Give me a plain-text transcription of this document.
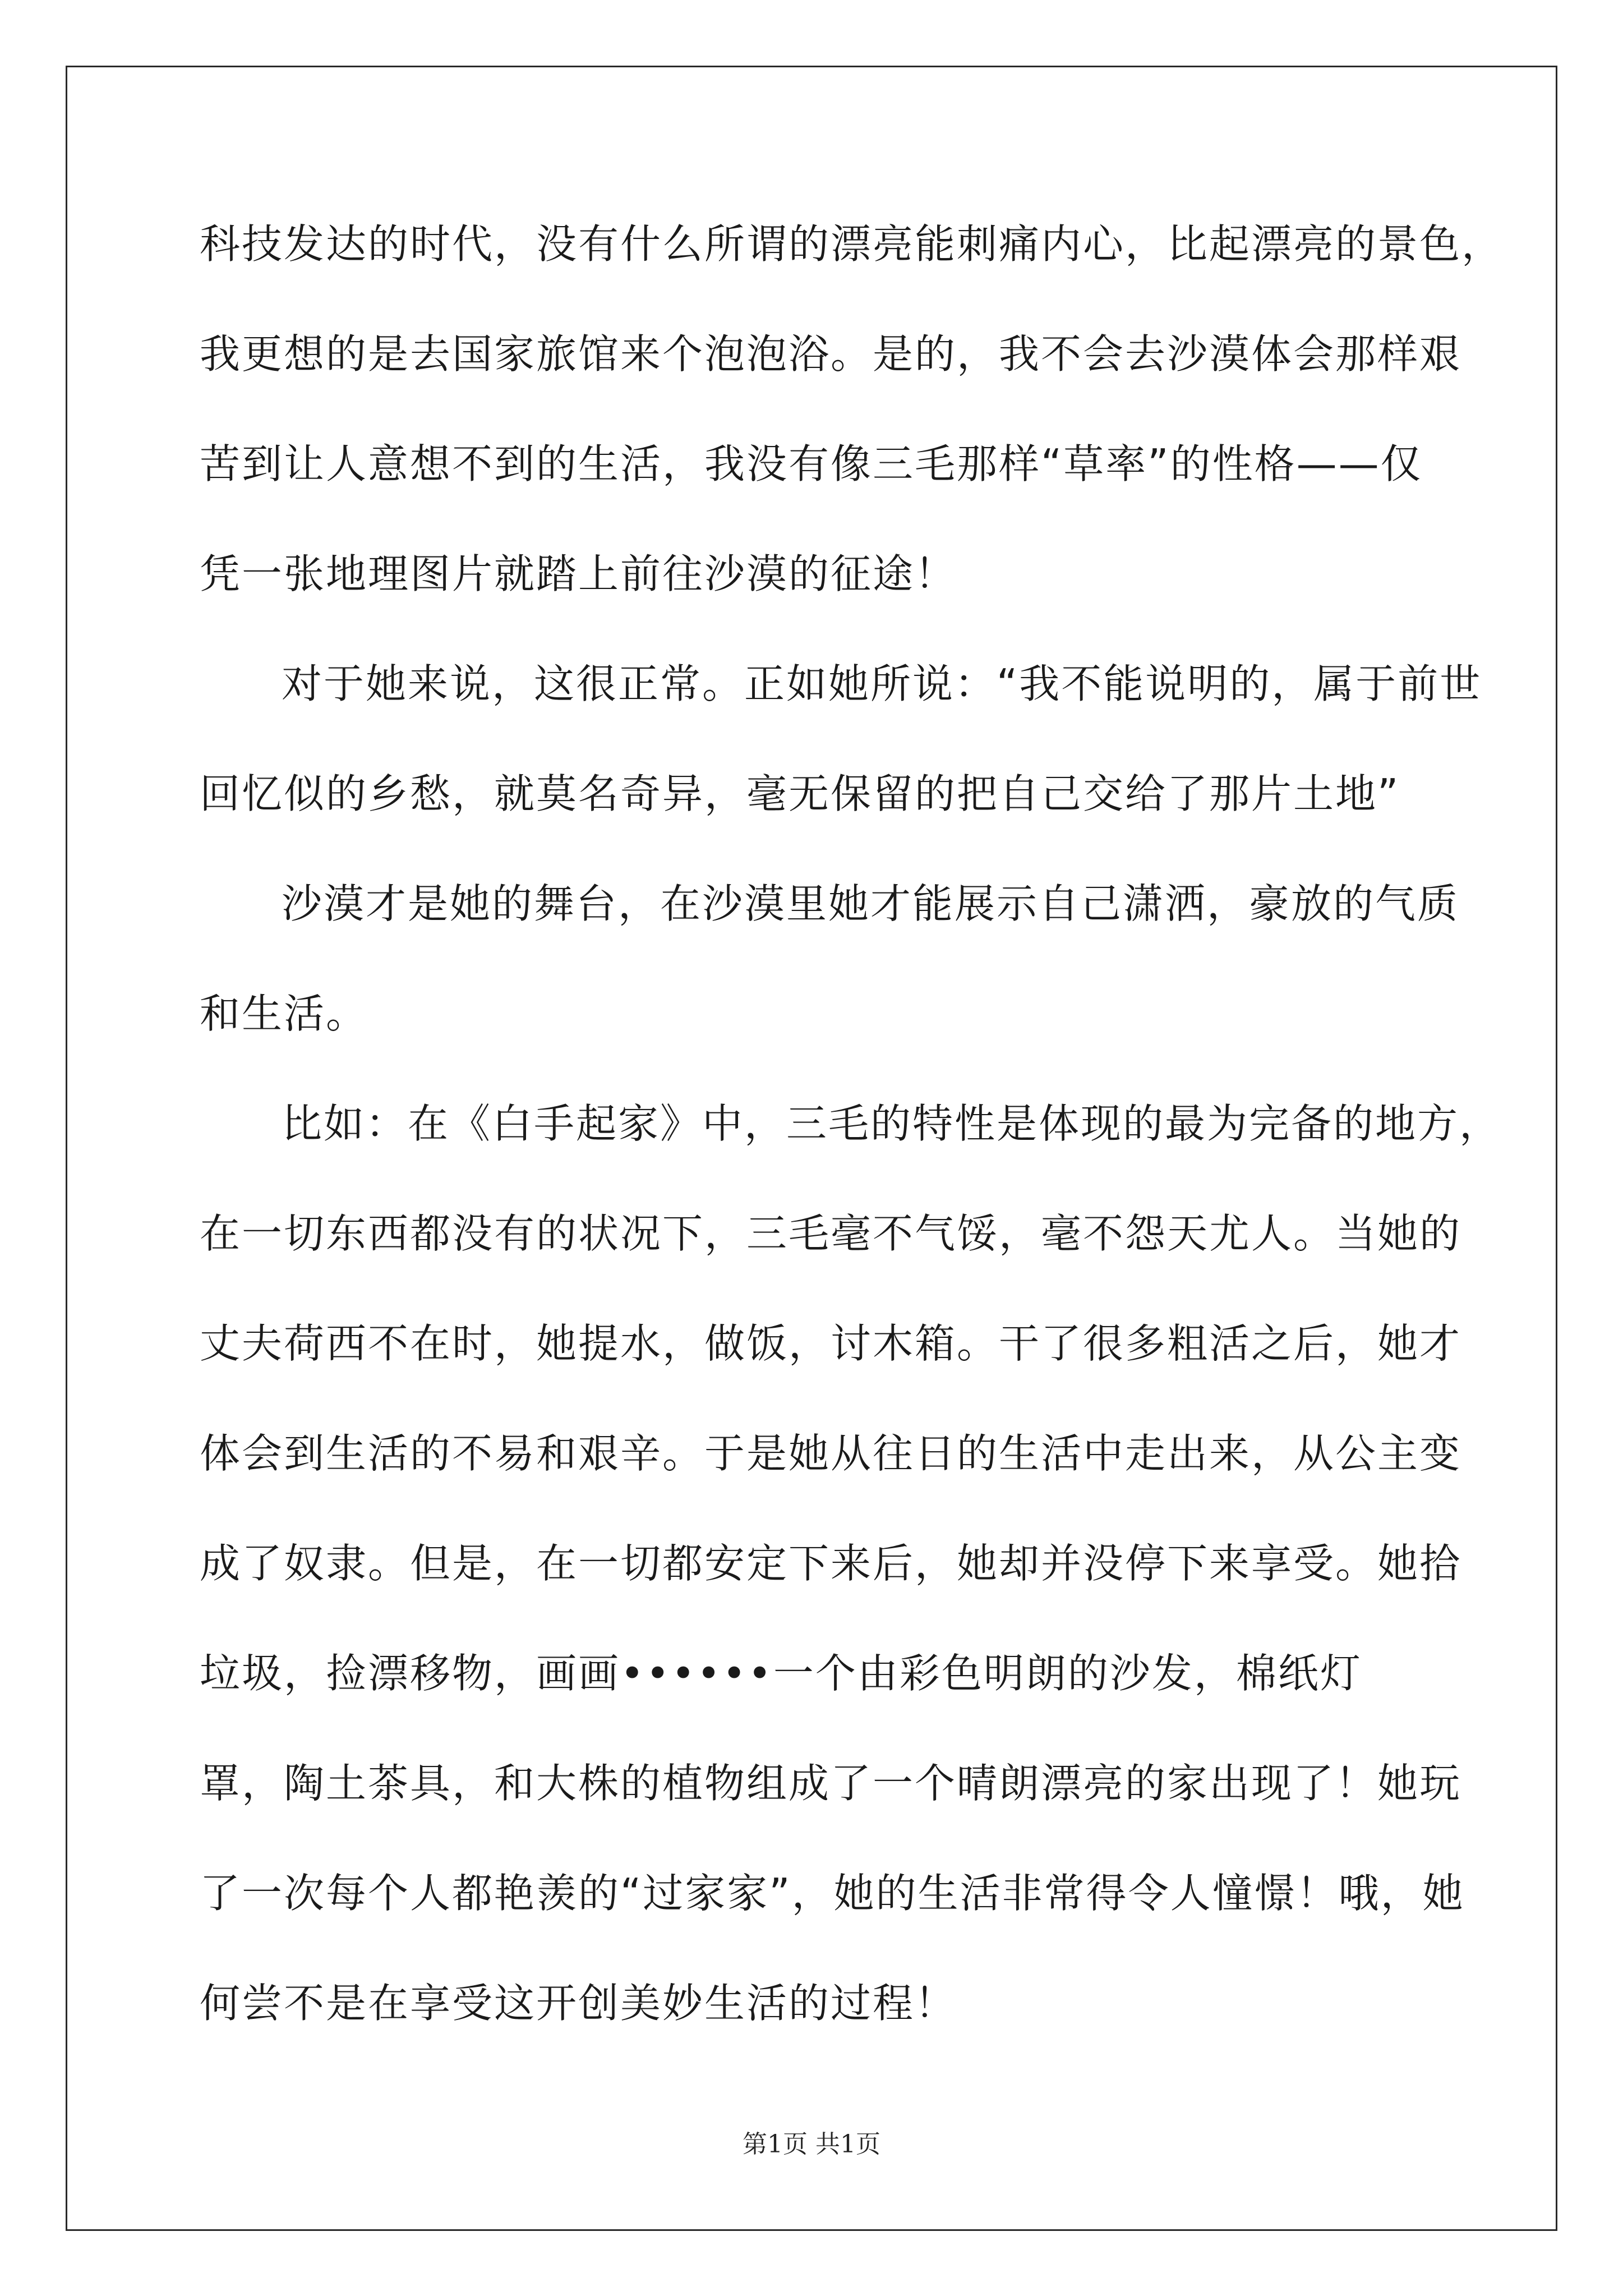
科技发达的时代，没有什么所谓的漂亮能刺痛内心，比起漂亮的景色，
我更想的是去国家旅馆来个泡泡浴。是的，我不会去沙漠体会那样艰
苦到让人意想不到的生活，我没有像三毛那样“草率”的性格——仅
凭一张地理图片就踏上前往沙漠的征途！
对于她来说，这很正常。正如她所说：“我不能说明的，属于前世
回忆似的乡愁，就莫名奇异，毫无保留的把自己交给了那片土地”
沙漠才是她的舞台，在沙漠里她才能展示自己潇洒，豪放的气质
和生活。
比如：在《白手起家》中，三毛的特性是体现的最为完备的地方，
在一切东西都没有的状况下，三毛毫不气馁，毫不怨天尤人。当她的
丈夫荷西不在时，她提水，做饭，讨木箱。干了很多粗活之后，她才
体会到生活的不易和艰辛。于是她从往日的生活中走出来，从公主变
成了奴隶。但是，在一切都安定下来后，她却并没停下来享受。她拾
垃圾，捡漂移物，画画••••••一个由彩色明朗的沙发，棉纸灯
罩，陶土茶具，和大株的植物组成了一个晴朗漂亮的家出现了！她玩
了一次每个人都艳羡的“过家家”，她的生活非常得令人憧憬！哦，她
何尝不是在享受这开创美妙生活的过程！
第1页 共1页
